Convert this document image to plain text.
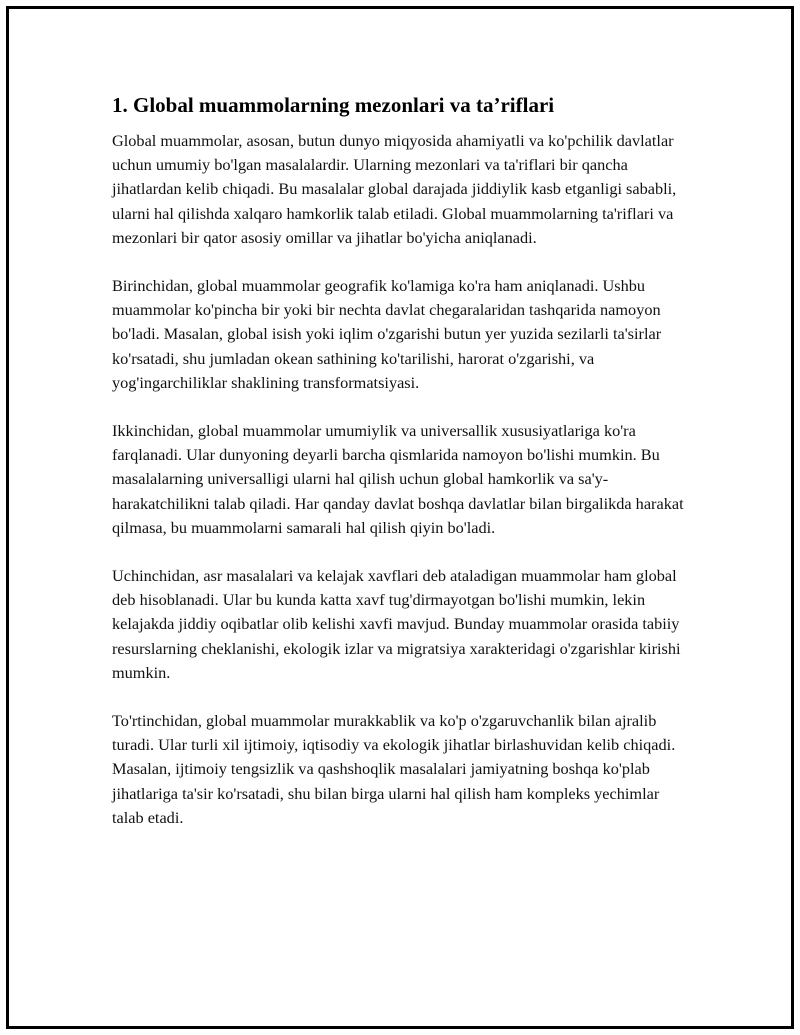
1. Global muammolarning mezonlari va ta’riflari

Global muammolar, asosan, butun dunyo miqyosida ahamiyatli va ko'pchilik davlatlar uchun umumiy bo'lgan masalalardir. Ularning mezonlari va ta'riflari bir qancha jihatlardan kelib chiqadi. Bu masalalar global darajada jiddiylik kasb etganligi sababli, ularni hal qilishda xalqaro hamkorlik talab etiladi. Global muammolarning ta'riflari va mezonlari bir qator asosiy omillar va jihatlar bo'yicha aniqlanadi.

Birinchidan, global muammolar geografik ko'lamiga ko'ra ham aniqlanadi. Ushbu muammolar ko'pincha bir yoki bir nechta davlat chegaralaridan tashqarida namoyon bo'ladi. Masalan, global isish yoki iqlim o'zgarishi butun yer yuzida sezilarli ta'sirlar ko'rsatadi, shu jumladan okean sathining ko'tarilishi, harorat o'zgarishi, va yog'ingarchiliklar shaklining transformatsiyasi.

Ikkinchidan, global muammolar umumiylik va universallik xususiyatlariga ko'ra farqlanadi. Ular dunyoning deyarli barcha qismlarida namoyon bo'lishi mumkin. Bu masalalarning universalligi ularni hal qilish uchun global hamkorlik va sa'y-harakatchilikni talab qiladi. Har qanday davlat boshqa davlatlar bilan birgalikda harakat qilmasa, bu muammolarni samarali hal qilish qiyin bo'ladi.

Uchinchidan, asr masalalari va kelajak xavflari deb ataladigan muammolar ham global deb hisoblanadi. Ular bu kunda katta xavf tug'dirmayotgan bo'lishi mumkin, lekin kelajakda jiddiy oqibatlar olib kelishi xavfi mavjud. Bunday muammolar orasida tabiiy resurslarning cheklanishi, ekologik izlar va migratsiya xarakteridagi o'zgarishlar kirishi mumkin.

To'rtinchidan, global muammolar murakkablik va ko'p o'zgaruvchanlik bilan ajralib turadi. Ular turli xil ijtimoiy, iqtisodiy va ekologik jihatlar birlashuvidan kelib chiqadi. Masalan, ijtimoiy tengsizlik va qashshoqlik masalalari jamiyatning boshqa ko'plab jihatlariga ta'sir ko'rsatadi, shu bilan birga ularni hal qilish ham kompleks yechimlar talab etadi.
